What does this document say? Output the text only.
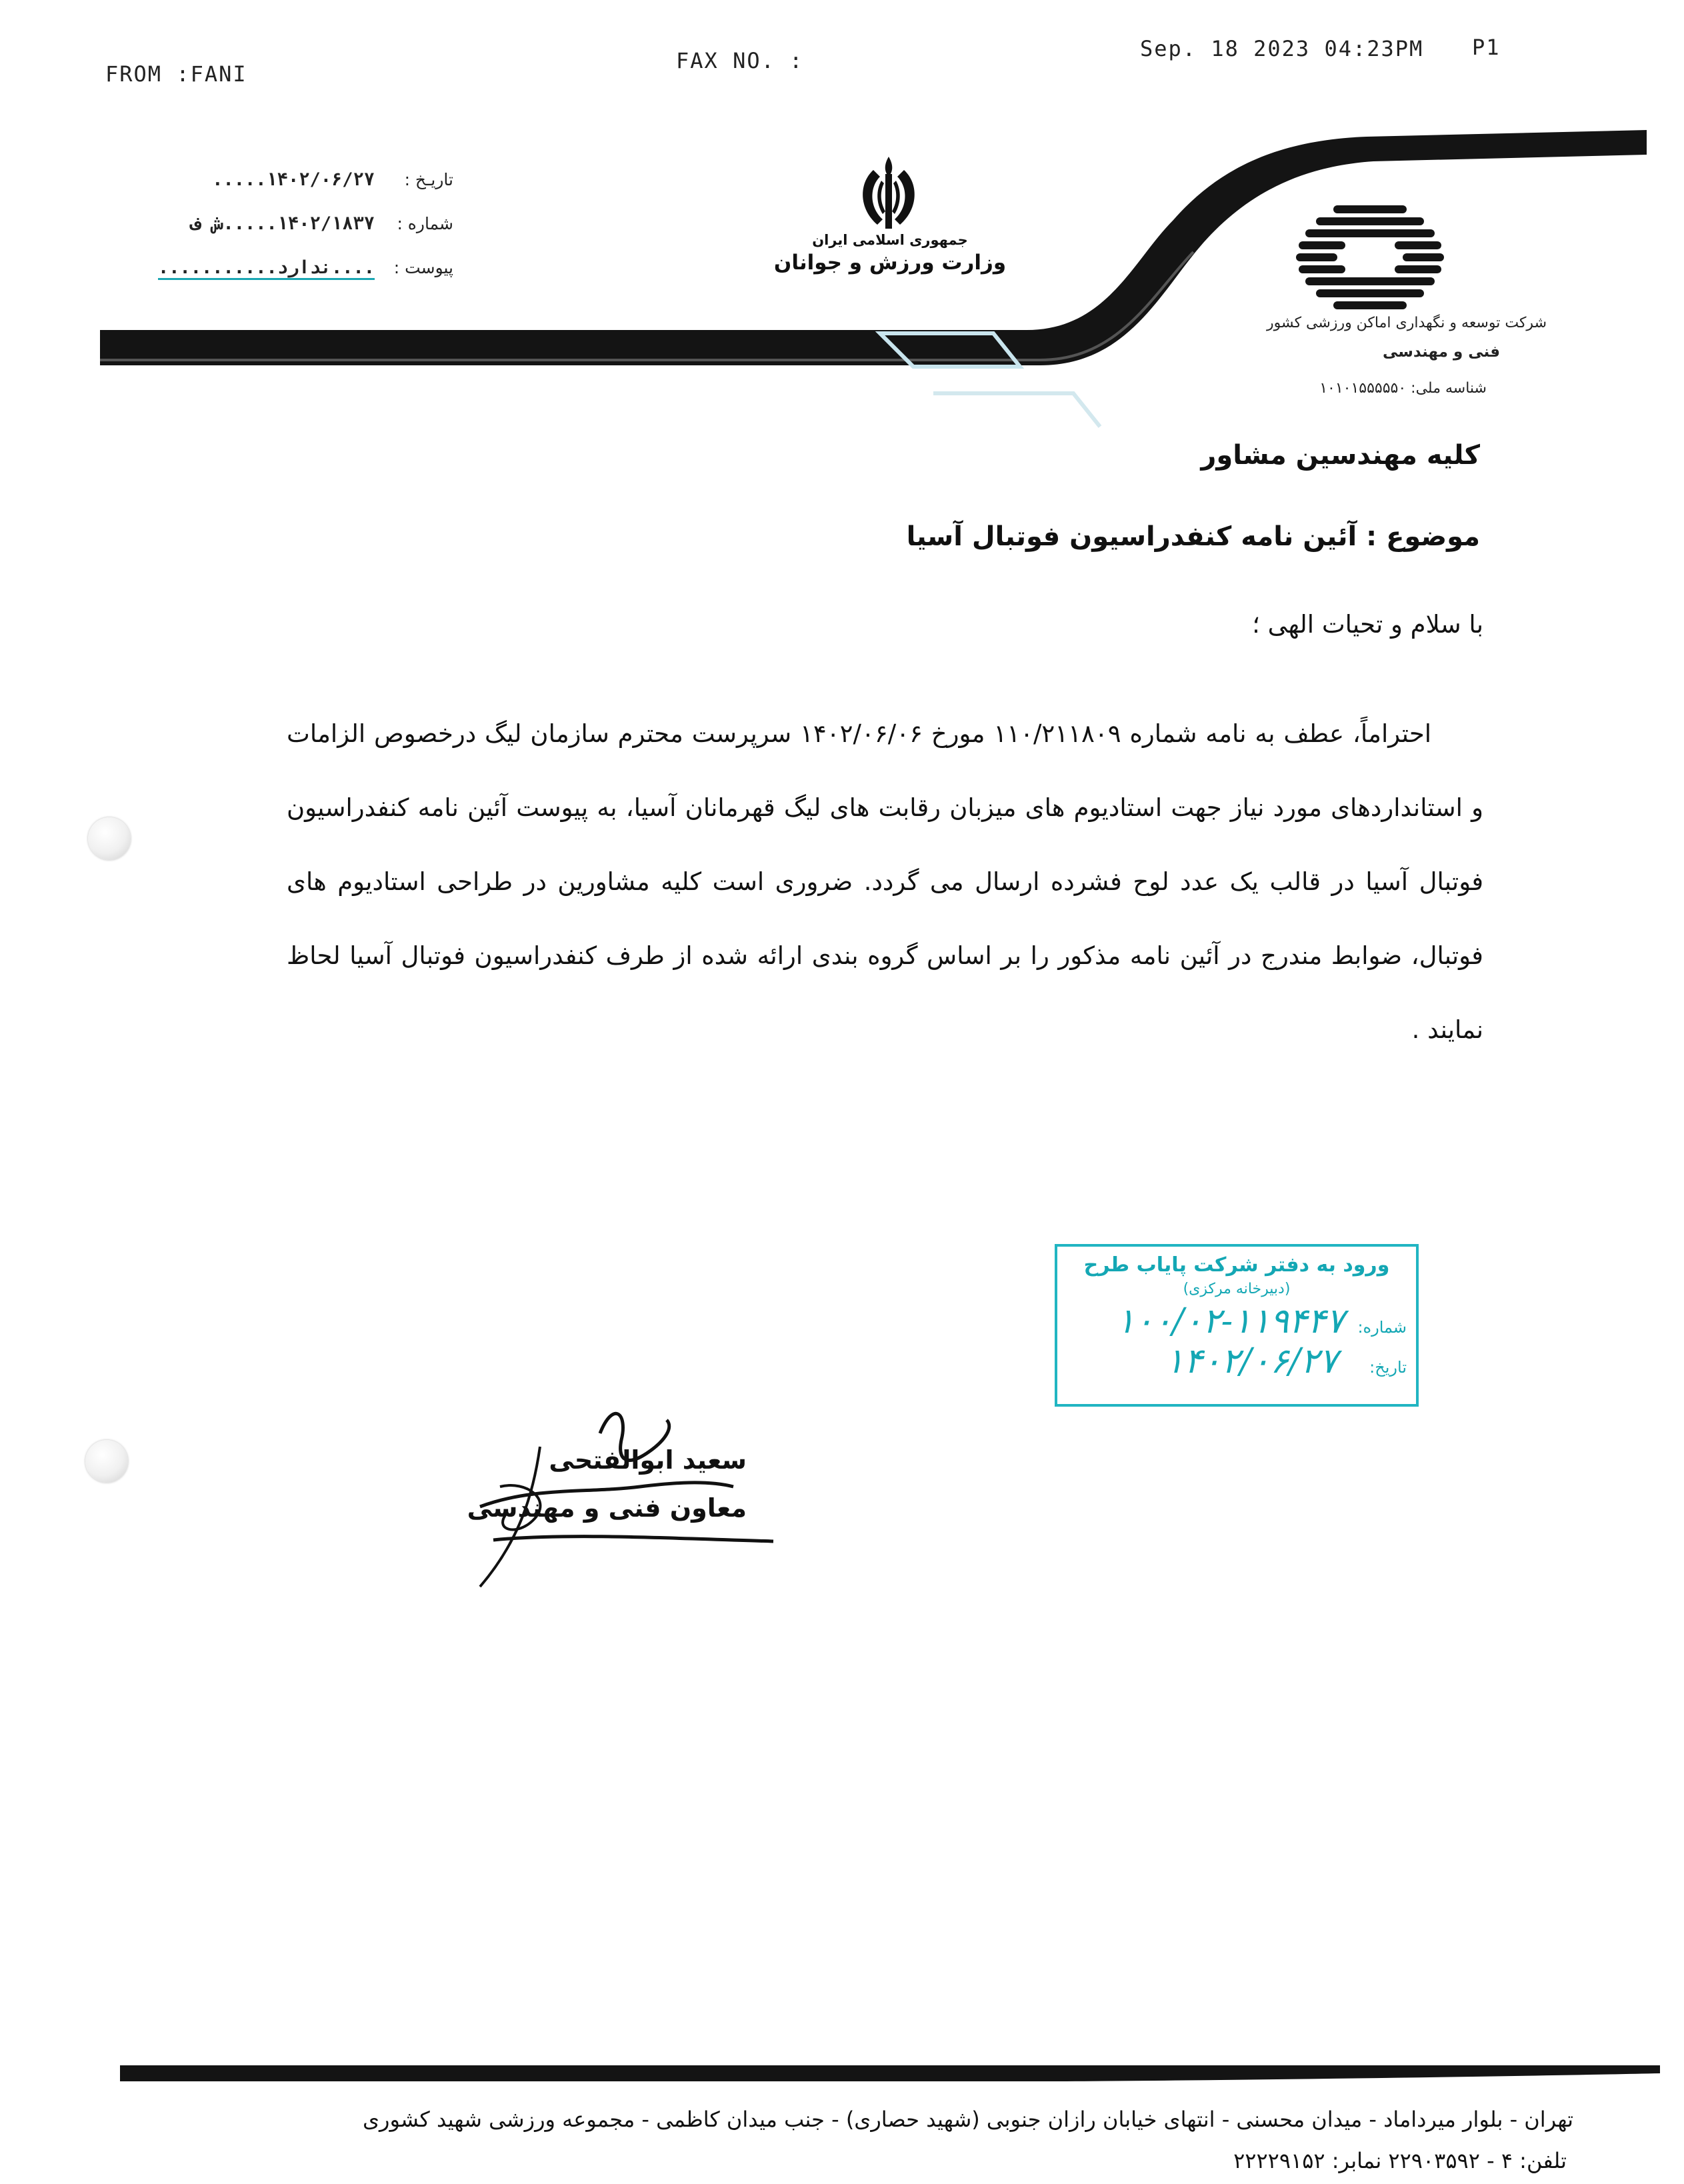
FROM :FANI
FAX NO. :	Sep. 18 2023 04:23PM P1
تاریـخ : ۱۴۰۲/۰۶/۲۷.....
شماره : ۱۴۰۲/۱۸۳۷.....ش ف
پیوست : ....ندارد...........
جمهوری اسلامی ایران
وزارت ورزش و جوانان
شرکت توسعه و نگهداری اماکن ورزشی کشور
فنی و مهندسی
شناسه ملی: ۱۰۱۰۱۵۵۵۵۵۰
کلیه مهندسین مشاور
موضوع : آئین نامه کنفدراسیون فوتبال آسیا
با سلام و تحیات الهی ؛
احتراماً، عطف به نامه شماره ۱۱۰/۲۱۱۸۰۹ مورخ ۱۴۰۲/۰۶/۰۶ سرپرست محترم سازمان لیگ درخصوص الزامات و استانداردهای مورد نیاز جهت استادیوم های میزبان رقابت های لیگ قهرمانان آسیا، به پیوست آئین نامه کنفدراسیون فوتبال آسیا در قالب یک عدد لوح فشرده ارسال می گردد. ضروری است کلیه مشاورین در طراحی استادیوم های فوتبال، ضوابط مندرج در آئین نامه مذکور را بر اساس گروه بندی ارائه شده از طرف کنفدراسیون فوتبال آسیا لحاظ نمایند .
ورود به دفتر شرکت پایاب طرح
(دبیرخانه مرکزی)
شماره: ۱۰۰/۰۲-۱۱۹۴۴۷
تاریخ: ۱۴۰۲/۰۶/۲۷
سعید ابوالفتحی
معاون فنی و مهندسی
تهران - بلوار میرداماد - میدان محسنی - انتهای خیابان رازان جنوبی (شهید حصاری) - جنب میدان کاظمی - مجموعه ورزشی شهید کشوری
تلفن: ۴ - ۲۲۹۰۳۵۹۲ نمابر: ۲۲۲۲۹۱۵۲
